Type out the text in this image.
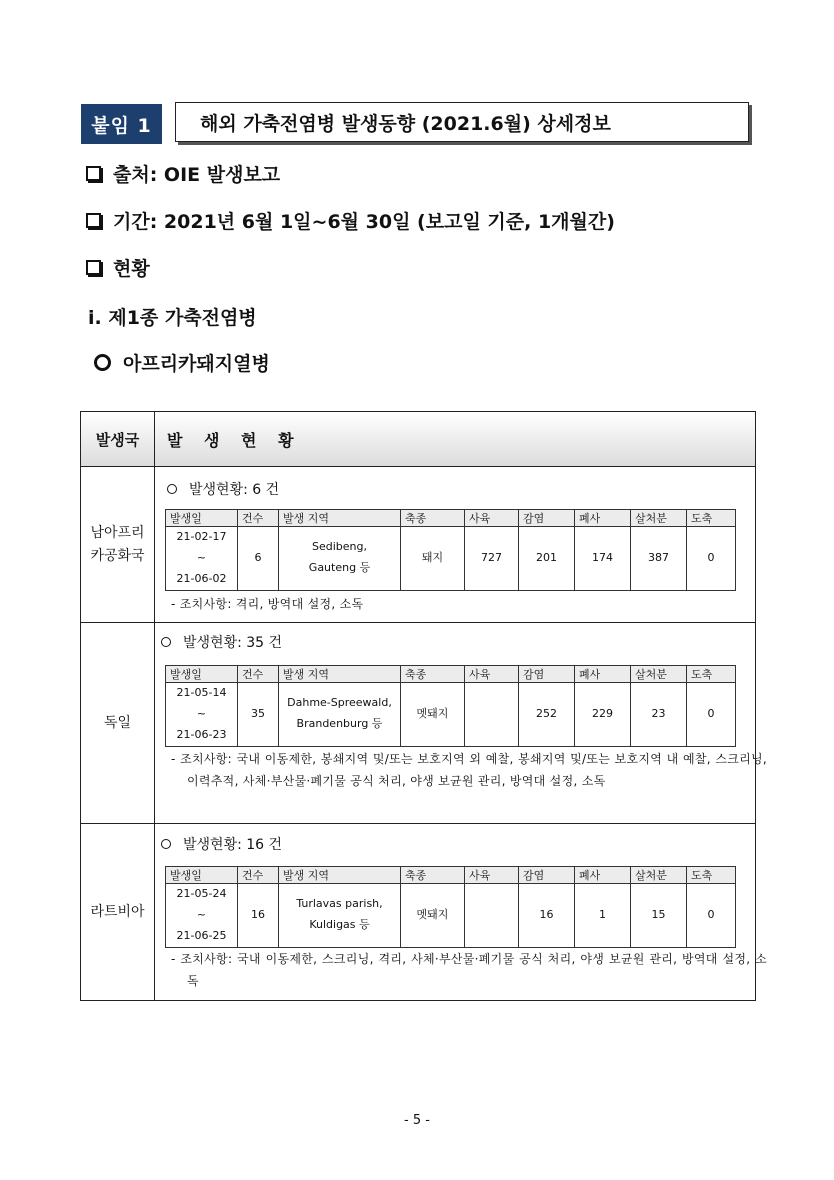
붙임 1	해외 가축전염병 발생동향 (2021.6월) 상세정보
출처: OIE 발생보고
기간: 2021년 6월 1일~6월 30일 (보고일 기준, 1개월간)
현황
ⅰ. 제1종 가축전염병
아프리카돼지열병
발생국	발 생 현 황
남아프리카공화국
발생현황: 6 건
발생일	건수	발생 지역	축종	사육	감염	폐사	살처분	도축

21-02-17
~
21-06-02	6	Sedibeng, Gauteng 등	돼지	727	201	174	387	0
- 조치사항: 격리, 방역대 설정, 소독
독일
발생현황: 35 건
발생일	건수	발생 지역	축종	사육	감염	폐사	살처분	도축

21-05-14
~
21-06-23	35	Dahme-Spreewald, Brandenburg 등	멧돼지		252	229	23	0
- 조치사항: 국내 이동제한, 봉쇄지역 및/또는 보호지역 외 예찰, 봉쇄지역 및/또는 보호지역 내 예찰, 스크리닝, 이력추적, 사체·부산물·폐기물 공식 처리, 야생 보균원 관리, 방역대 설정, 소독
라트비아
발생현황: 16 건
발생일	건수	발생 지역	축종	사육	감염	폐사	살처분	도축

21-05-24
~
21-06-25	16	Turlavas parish, Kuldigas 등	멧돼지		16	1	15	0
- 조치사항: 국내 이동제한, 스크리닝, 격리, 사체·부산물·폐기물 공식 처리, 야생 보균원 관리, 방역대 설정, 소독
- 5 -
